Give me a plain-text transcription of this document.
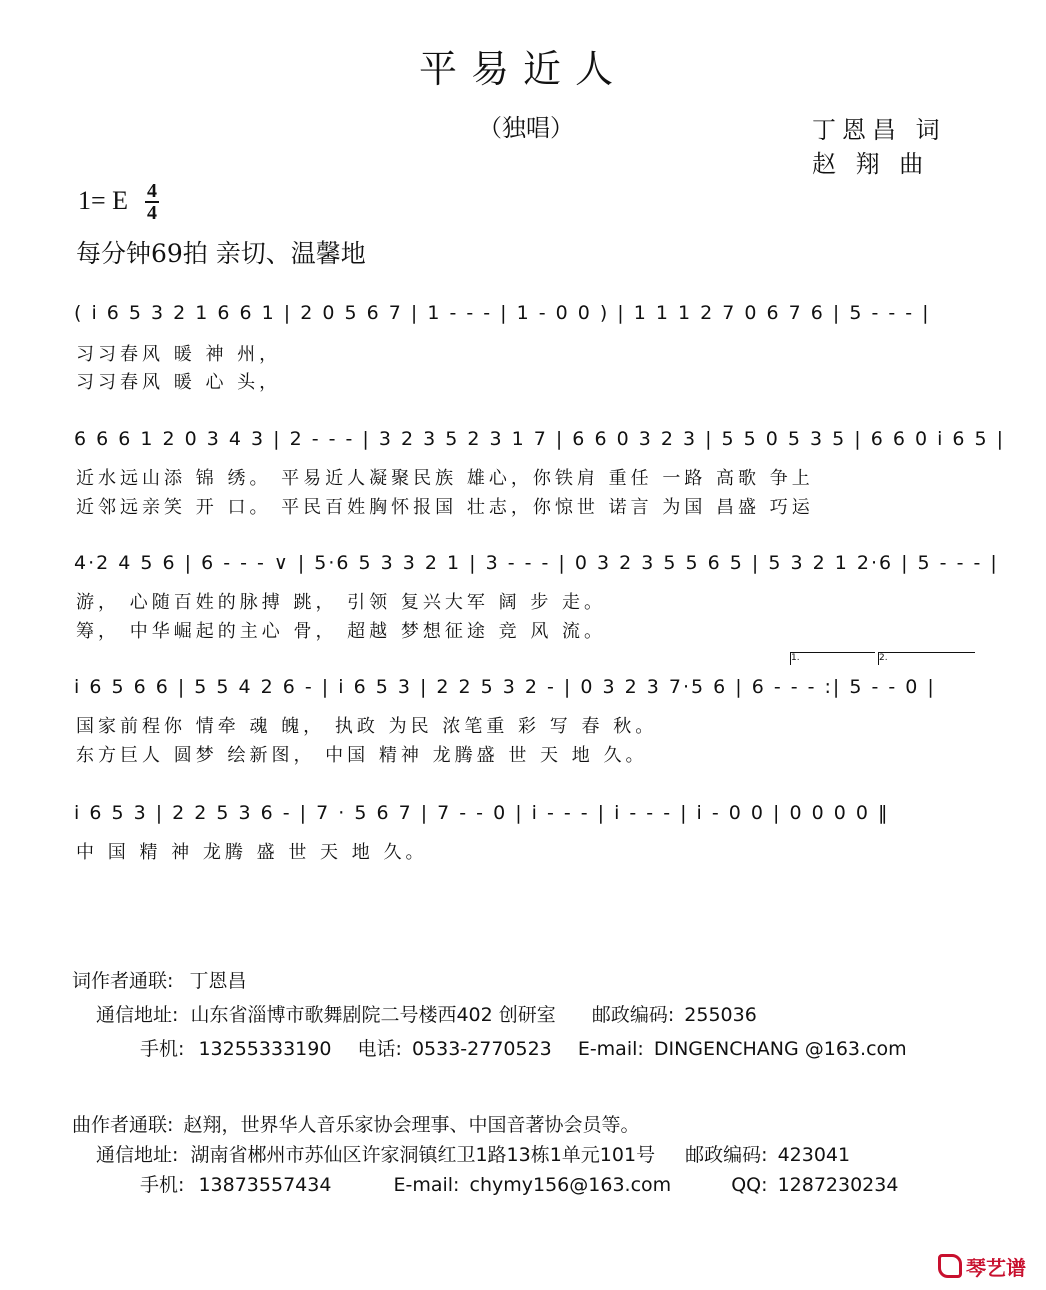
平易近人
（独唱）	丁恩昌 词
赵 翔 曲
1= E 4
4
每分钟69拍 亲切、温馨地
( i 6 5 3 2 1 6 6 1 | 2 0 5 6 7 | 1 - - - | 1 - 0 0 ) | 1 1 1 2 7 0 6 7 6 | 5 - - - |
习习春风 暖 神 州，
习习春风 暖 心 头，
6 6 6 1 2 0 3 4 3 | 2 - - - | 3 2 3 5 2 3 1 7 | 6 6 0 3 2 3 | 5 5 0 5 3 5 | 6 6 0 i 6 5 |
近水远山添 锦 绣。 平易近人凝聚民族 雄心，你铁肩 重任 一路 高歌 争上
近邻远亲笑 开 口。 平民百姓胸怀报国 壮志，你惊世 诺言 为国 昌盛 巧运
4·2 4 5 6 | 6 - - - ∨ | 5·6 5 3 3 2 1 | 3 - - - | 0 3 2 3 5 5 6 5 | 5 3 2 1 2·6 | 5 - - - |
游， 心随百姓的脉搏 跳， 引领 复兴大军 阔 步 走。
筹， 中华崛起的主心 骨， 超越 梦想征途 竞 风 流。
1.	2.
i 6 5 6 6 | 5 5 4 2 6 - | i 6 5 3 | 2 2 5 3 2 - | 0 3 2 3 7·5 6 | 6 - - - :| 5 - - 0 |
国家前程你 情牵 魂 魄， 执政 为民 浓笔重 彩 写 春 秋。
东方巨人 圆梦 绘新图， 中国 精神 龙腾盛 世 天 地 久。
i 6 5 3 | 2 2 5 3 6 - | 7 · 5 6 7 | 7 - - 0 | i - - - | i - - - | i - 0 0 | 0 0 0 0 ‖
中 国 精 神 龙腾 盛 世 天 地 久。
词作者通联: 丁恩昌
通信地址: 山东省淄博市歌舞剧院二号楼西402 创研室 邮政编码: 255036
手机: 13255333190 电话: 0533-2770523 E-mail: DINGENCHANG @163.com
曲作者通联: 赵翔，世界华人音乐家协会理事、中国音著协会员等。
通信地址: 湖南省郴州市苏仙区许家洞镇红卫1路13栋1单元101号 邮政编码: 423041
手机: 13873557434	E-mail: chymy156@163.com	QQ: 1287230234
琴艺谱
